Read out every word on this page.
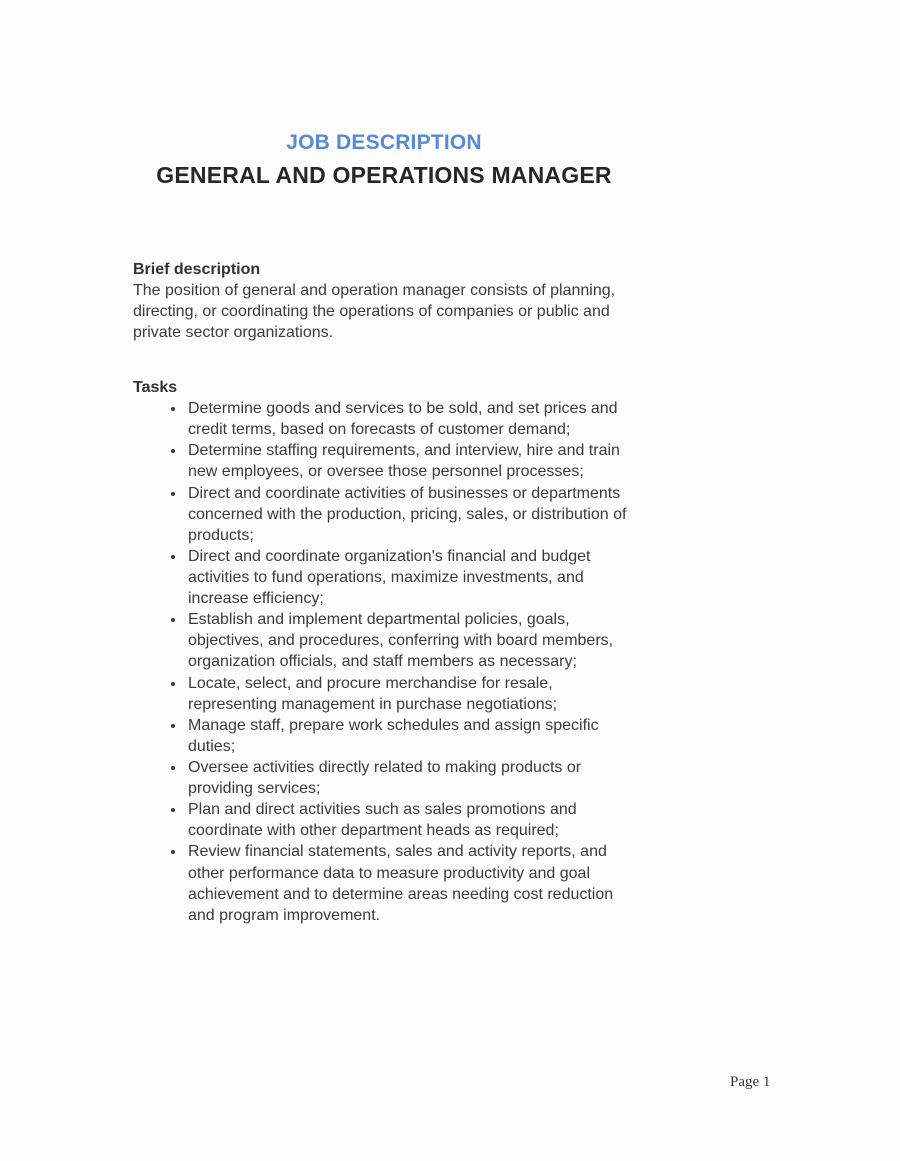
JOB DESCRIPTION
GENERAL AND OPERATIONS MANAGER
Brief description
The position of general and operation manager consists of planning, directing, or coordinating the operations of companies or public and private sector organizations.
Tasks
• Determine goods and services to be sold, and set prices and credit terms, based on forecasts of customer demand;
• Determine staffing requirements, and interview, hire and train new employees, or oversee those personnel processes;
• Direct and coordinate activities of businesses or departments concerned with the production, pricing, sales, or distribution of products;
• Direct and coordinate organization's financial and budget activities to fund operations, maximize investments, and increase efficiency;
• Establish and implement departmental policies, goals, objectives, and procedures, conferring with board members, organization officials, and staff members as necessary;
• Locate, select, and procure merchandise for resale, representing management in purchase negotiations;
• Manage staff, prepare work schedules and assign specific duties;
• Oversee activities directly related to making products or providing services;
• Plan and direct activities such as sales promotions and coordinate with other department heads as required;
• Review financial statements, sales and activity reports, and other performance data to measure productivity and goal achievement and to determine areas needing cost reduction and program improvement.
Page 1
